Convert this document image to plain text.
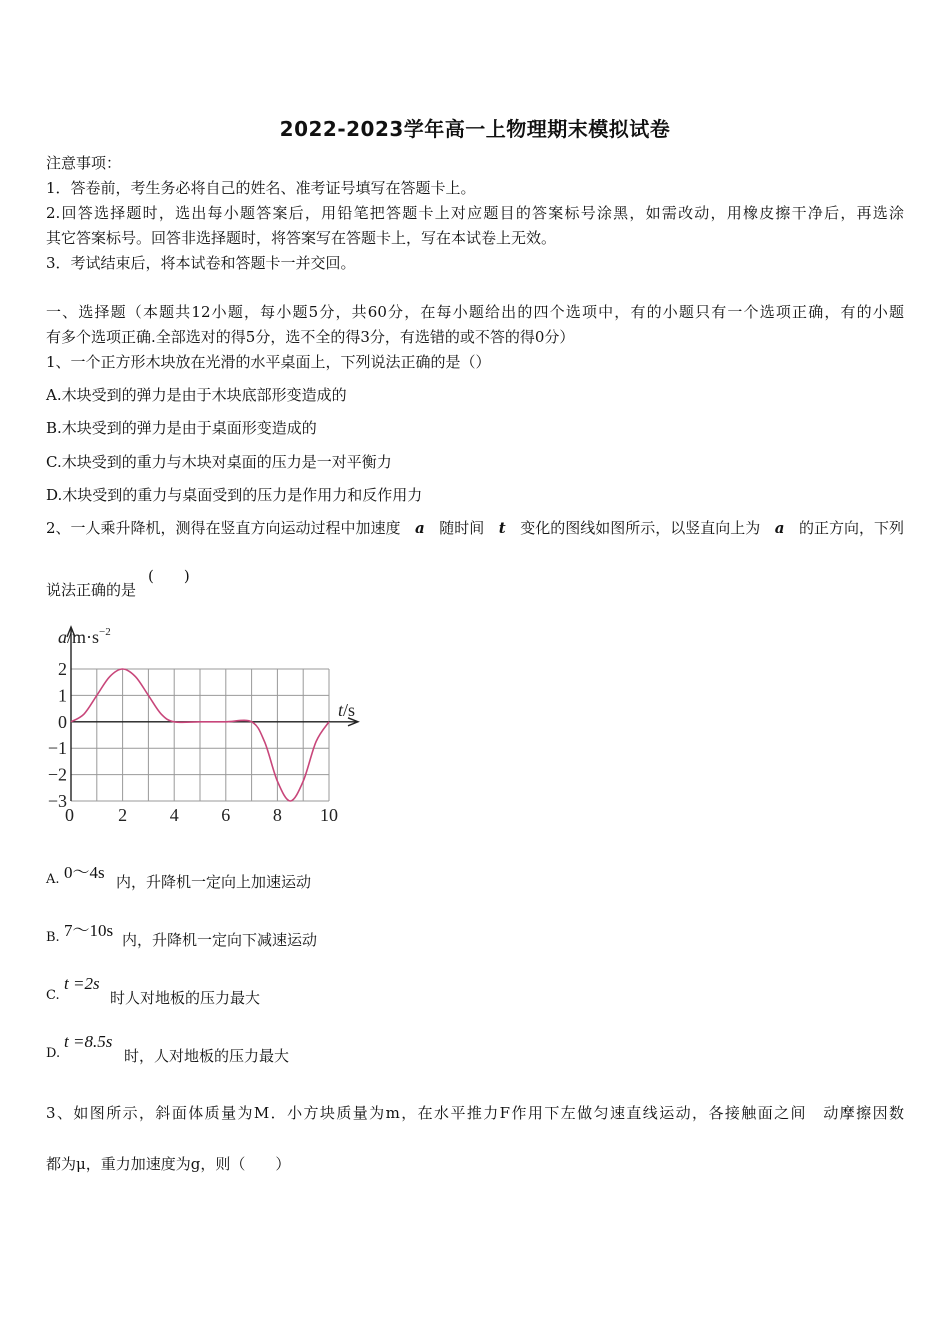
2022-2023学年高一上物理期末模拟试卷
注意事项：
1．答卷前，考生务必将自己的姓名、准考证号填写在答题卡上。
2.回答选择题时，选出每小题答案后，用铅笔把答题卡上对应题目的答案标号涂黑，如需改动，用橡皮擦干净后，再选涂
其它答案标号。回答非选择题时，将答案写在答题卡上，写在本试卷上无效。
3．考试结束后，将本试卷和答题卡一并交回。
一、选择题（本题共12小题，每小题5分，共60分，在每小题给出的四个选项中，有的小题只有一个选项正确，有的小题
有多个选项正确.全部选对的得5分，选不全的得3分，有选错的或不答的得0分）
1、一个正方形木块放在光滑的水平桌面上，下列说法正确的是（）
A.木块受到的弹力是由于木块底部形变造成的
B.木块受到的弹力是由于桌面形变造成的
C.木块受到的重力与木块对桌面的压力是一对平衡力
D.木块受到的重力与桌面受到的压力是作用力和反作用力
2、一人乘升降机，测得在竖直方向运动过程中加速度 a 随时间 t 变化的图线如图所示，以竖直向上为 a 的正方向，下列
说法正确的是
(　　)
2
1
0
−1
−2
−3
0 2 4 6 8 10
$a/m\cdot s^{-2}$
t/s
A. 0～4s 内，升降机一定向上加速运动
B. 7～10s 内，升降机一定向下减速运动
C.
t =2s
时人对地板的压力最大
D.
t =8.5s
时，人对地板的压力最大
3、如图所示，斜面体质量为M．小方块质量为m，在水平推力F作用下左做匀速直线运动，各接触面之间　动摩擦因数
都为μ，重力加速度为g，则（　　）
